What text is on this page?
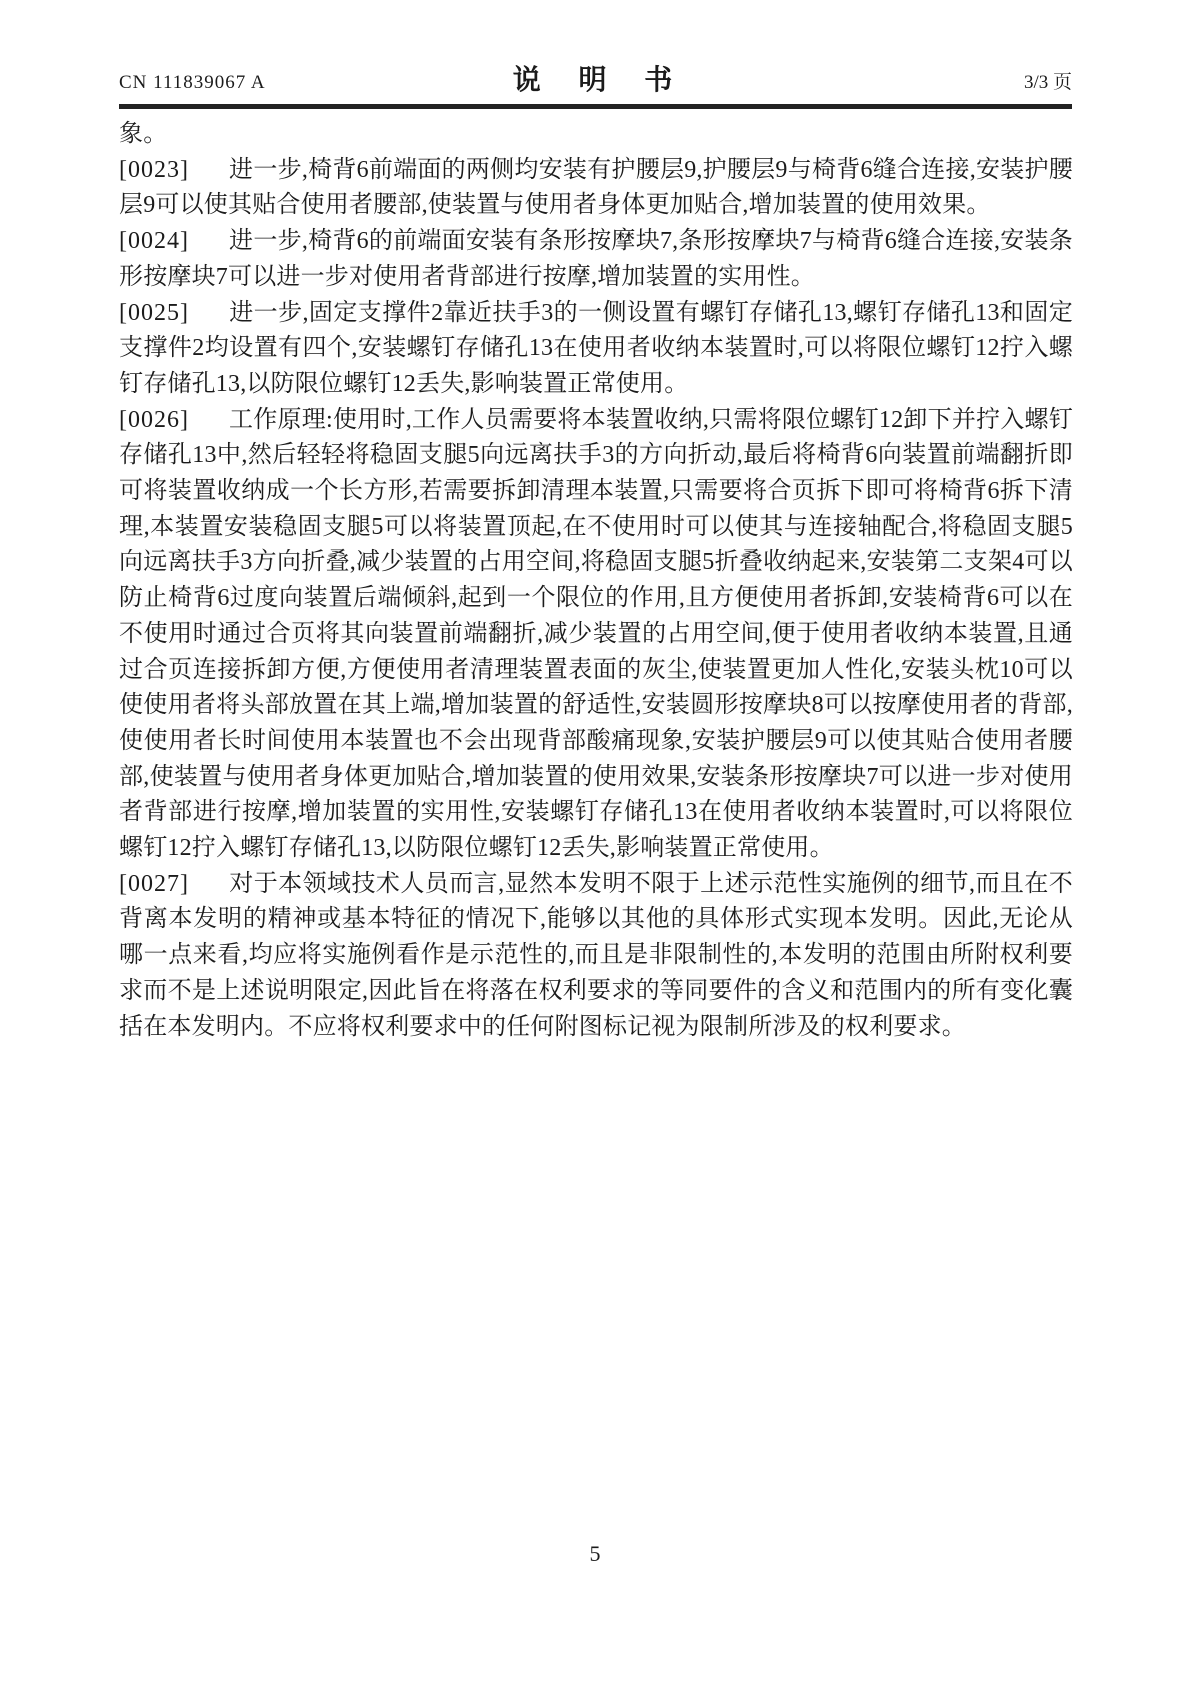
CN 111839067 A	说 明 书	3/3 页
象。
[0023] 进一步,椅背6前端面的两侧均安装有护腰层9,护腰层9与椅背6缝合连接,安装护腰层9可以使其贴合使用者腰部,使装置与使用者身体更加贴合,增加装置的使用效果。
[0024] 进一步,椅背6的前端面安装有条形按摩块7,条形按摩块7与椅背6缝合连接,安装条形按摩块7可以进一步对使用者背部进行按摩,增加装置的实用性。
[0025] 进一步,固定支撑件2靠近扶手3的一侧设置有螺钉存储孔13,螺钉存储孔13和固定支撑件2均设置有四个,安装螺钉存储孔13在使用者收纳本装置时,可以将限位螺钉12拧入螺钉存储孔13,以防限位螺钉12丢失,影响装置正常使用。
[0026] 工作原理:使用时,工作人员需要将本装置收纳,只需将限位螺钉12卸下并拧入螺钉存储孔13中,然后轻轻将稳固支腿5向远离扶手3的方向折动,最后将椅背6向装置前端翻折即可将装置收纳成一个长方形,若需要拆卸清理本装置,只需要将合页拆下即可将椅背6拆下清理,本装置安装稳固支腿5可以将装置顶起,在不使用时可以使其与连接轴配合,将稳固支腿5向远离扶手3方向折叠,减少装置的占用空间,将稳固支腿5折叠收纳起来,安装第二支架4可以防止椅背6过度向装置后端倾斜,起到一个限位的作用,且方便使用者拆卸,安装椅背6可以在不使用时通过合页将其向装置前端翻折,减少装置的占用空间,便于使用者收纳本装置,且通过合页连接拆卸方便,方便使用者清理装置表面的灰尘,使装置更加人性化,安装头枕10可以使使用者将头部放置在其上端,增加装置的舒适性,安装圆形按摩块8可以按摩使用者的背部,使使用者长时间使用本装置也不会出现背部酸痛现象,安装护腰层9可以使其贴合使用者腰部,使装置与使用者身体更加贴合,增加装置的使用效果,安装条形按摩块7可以进一步对使用者背部进行按摩,增加装置的实用性,安装螺钉存储孔13在使用者收纳本装置时,可以将限位螺钉12拧入螺钉存储孔13,以防限位螺钉12丢失,影响装置正常使用。
[0027] 对于本领域技术人员而言,显然本发明不限于上述示范性实施例的细节,而且在不背离本发明的精神或基本特征的情况下,能够以其他的具体形式实现本发明。因此,无论从哪一点来看,均应将实施例看作是示范性的,而且是非限制性的,本发明的范围由所附权利要求而不是上述说明限定,因此旨在将落在权利要求的等同要件的含义和范围内的所有变化囊括在本发明内。不应将权利要求中的任何附图标记视为限制所涉及的权利要求。
5
